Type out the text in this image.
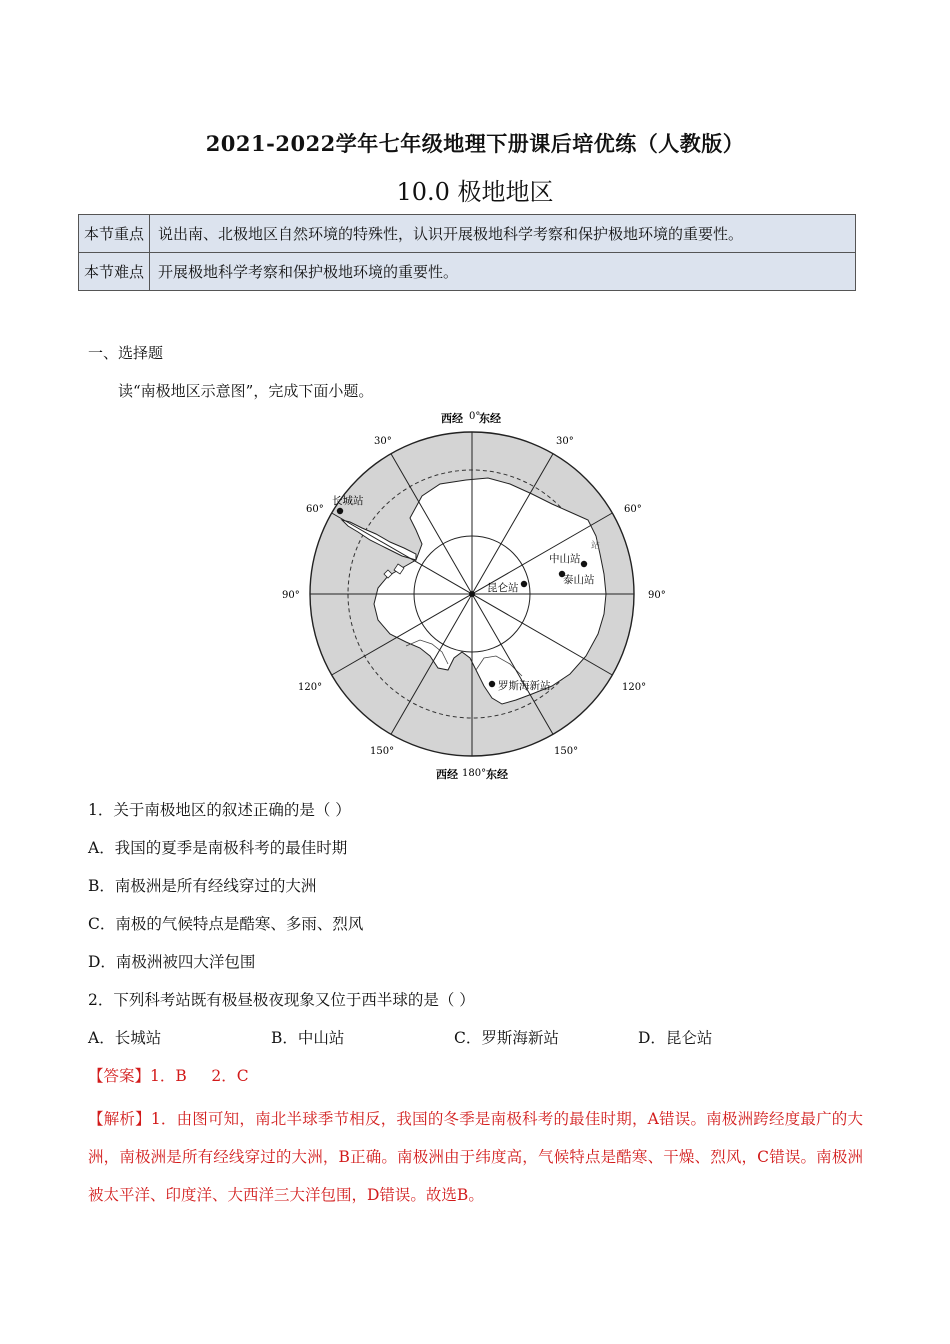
2021-2022学年七年级地理下册课后培优练（人教版）
10.0 极地地区
本节重点	说出南、北极地区自然环境的特殊性，认识开展极地科学考察和保护极地环境的重要性。
本节难点	开展极地科学考察和保护极地环境的重要性。
一、选择题
读“南极地区示意图”，完成下面小题。
西经 0°
东经
西经 180° 东经
30°	30°
60°	60°
90°	90°
120°	120°
150°	150°
长城站
中山站
泰山站
昆仑站
罗斯海新站
站
1．关于南极地区的叙述正确的是（ ）
A．我国的夏季是南极科考的最佳时期
B．南极洲是所有经线穿过的大洲
C．南极的气候特点是酷寒、多雨、烈风
D．南极洲被四大洋包围
2．下列科考站既有极昼极夜现象又位于西半球的是（ ）
A．长城站	B．中山站	C．罗斯海新站	D．昆仑站
【答案】1．B     2．C
【解析】1．由图可知，南北半球季节相反，我国的冬季是南极科考的最佳时期，A错误。南极洲跨经度最广的大洲，南极洲是所有经线穿过的大洲，B正确。南极洲由于纬度高，气候特点是酷寒、干燥、烈风，C错误。南极洲被太平洋、印度洋、大西洋三大洋包围，D错误。故选B。
